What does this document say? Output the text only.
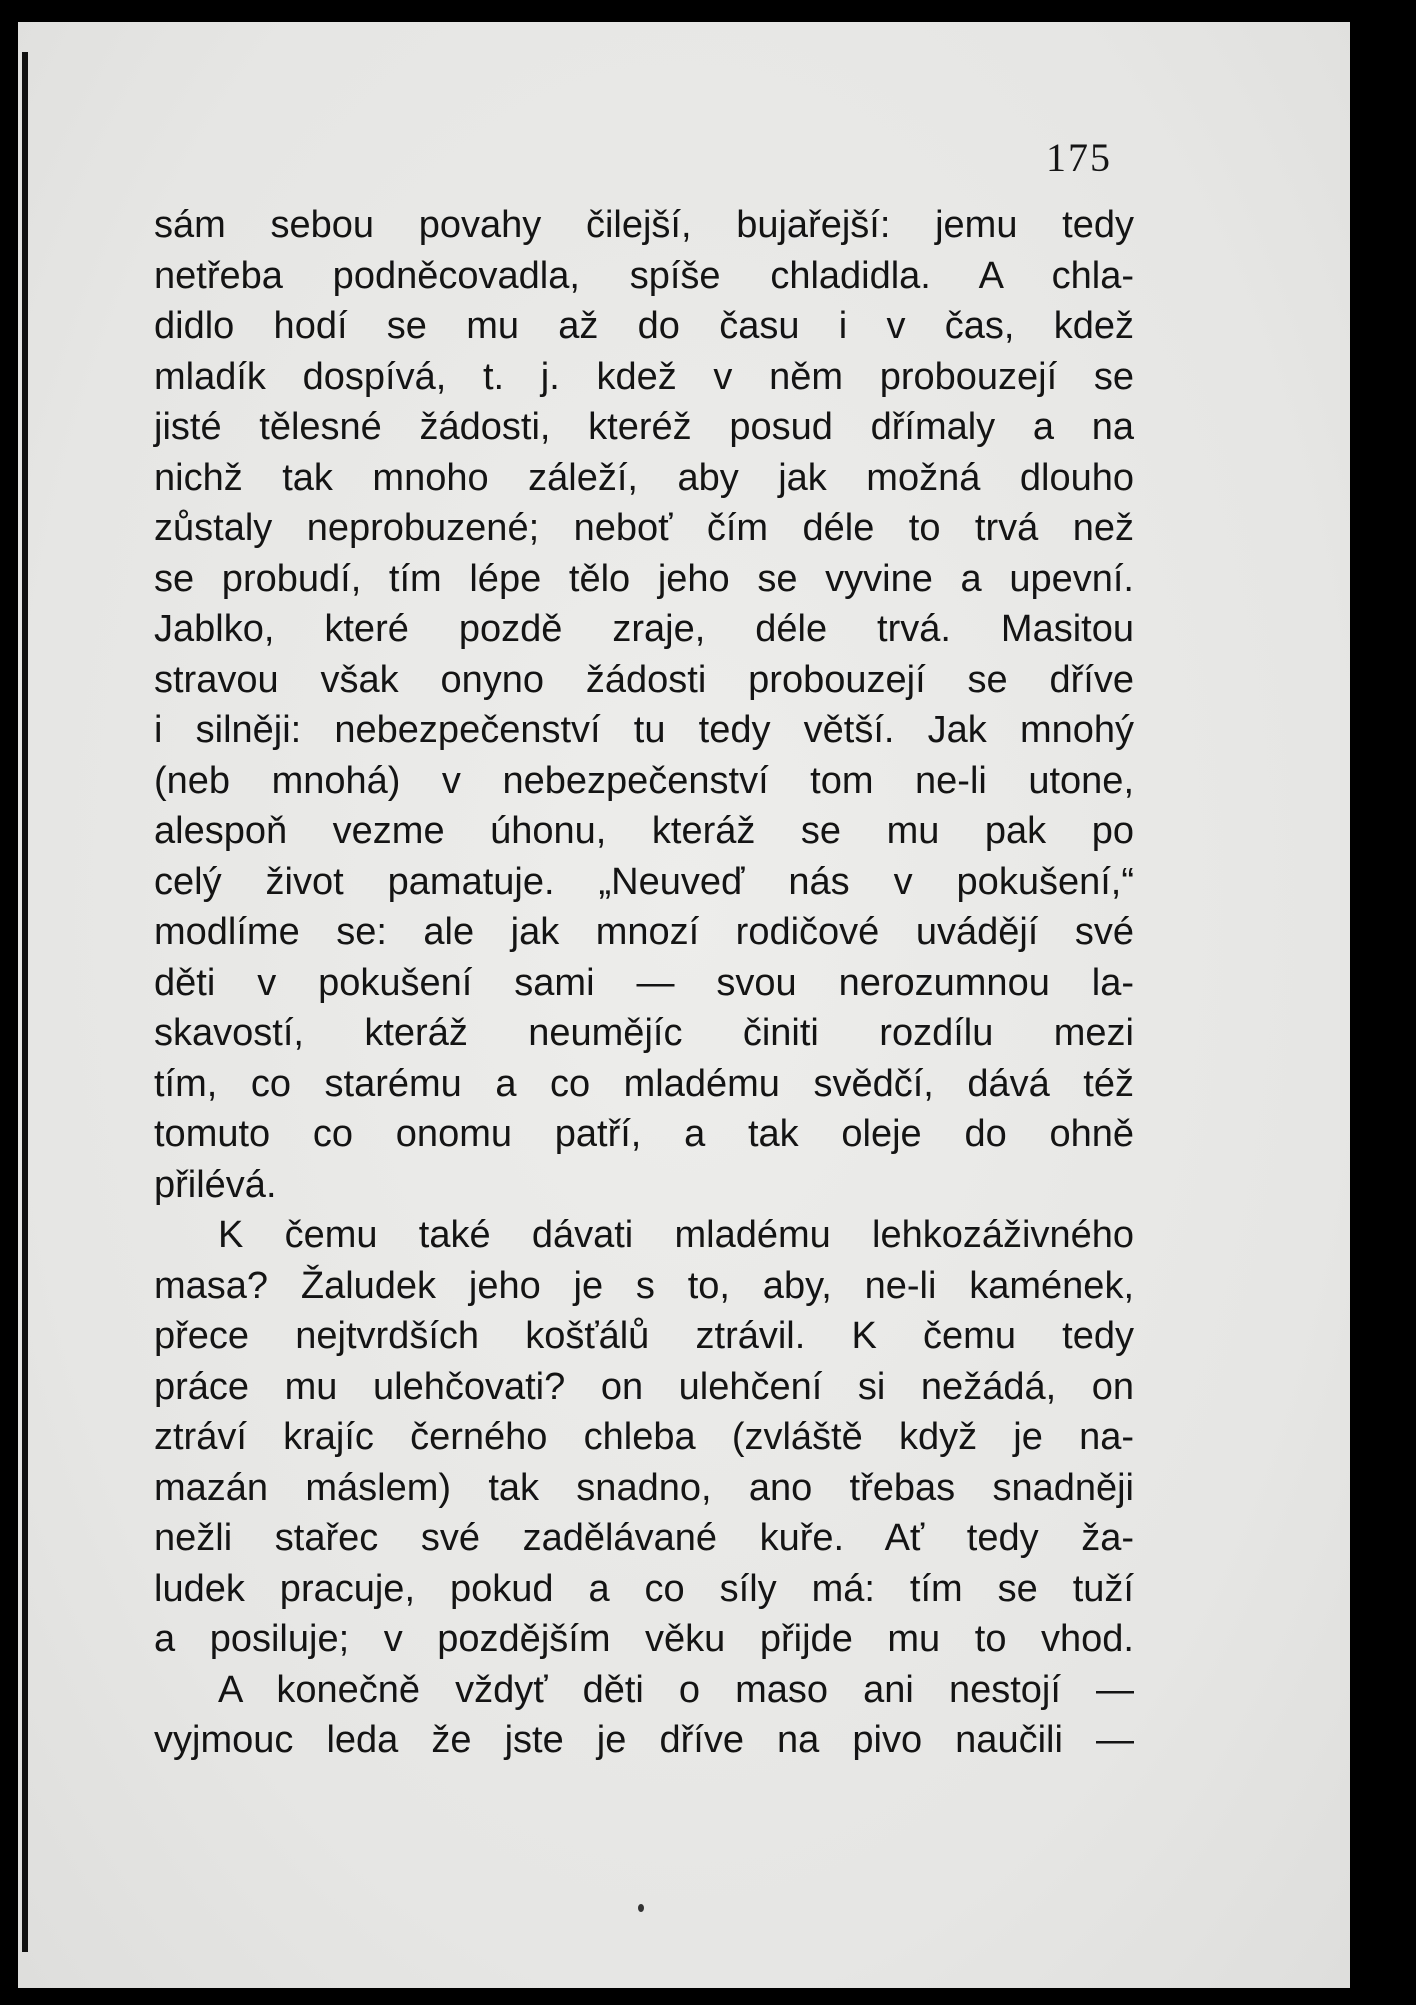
175
sám sebou povahy čilejší, bujařejší: jemu tedy
netřeba podněcovadla, spíše chladidla. A chla-
didlo hodí se mu až do času i v čas, kdež
mladík dospívá, t. j. kdež v něm probouzejí se
jisté tělesné žádosti, kteréž posud dřímaly a na
nichž tak mnoho záleží, aby jak možná dlouho
zůstaly neprobuzené; neboť čím déle to trvá než
se probudí, tím lépe tělo jeho se vyvine a upevní.
Jablko, které pozdě zraje, déle trvá. Masitou
stravou však onyno žádosti probouzejí se dříve
i silněji: nebezpečenství tu tedy větší. Jak mnohý
(neb mnohá) v nebezpečenství tom ne-li utone,
alespoň vezme úhonu, kteráž se mu pak po
celý život pamatuje. „Neuveď nás v pokušení,“
modlíme se: ale jak mnozí rodičové uvádějí své
děti v pokušení sami — svou nerozumnou la-
skavostí, kteráž neumějíc činiti rozdílu mezi
tím, co starému a co mladému svědčí, dává též
tomuto co onomu patří, a tak oleje do ohně
přilévá.
K čemu také dávati mladému lehkozáživného
masa? Žaludek jeho je s to, aby, ne-li kamének,
přece nejtvrdších košťálů ztrávil. K čemu tedy
práce mu ulehčovati? on ulehčení si nežádá, on
ztráví krajíc černého chleba (zvláště když je na-
mazán máslem) tak snadno, ano třebas snadněji
nežli stařec své zadělávané kuře. Ať tedy ža-
ludek pracuje, pokud a co síly má: tím se tuží
a posiluje; v pozdějším věku přijde mu to vhod.
A konečně vždyť děti o maso ani nestojí —
vyjmouc leda že jste je dříve na pivo naučili —
